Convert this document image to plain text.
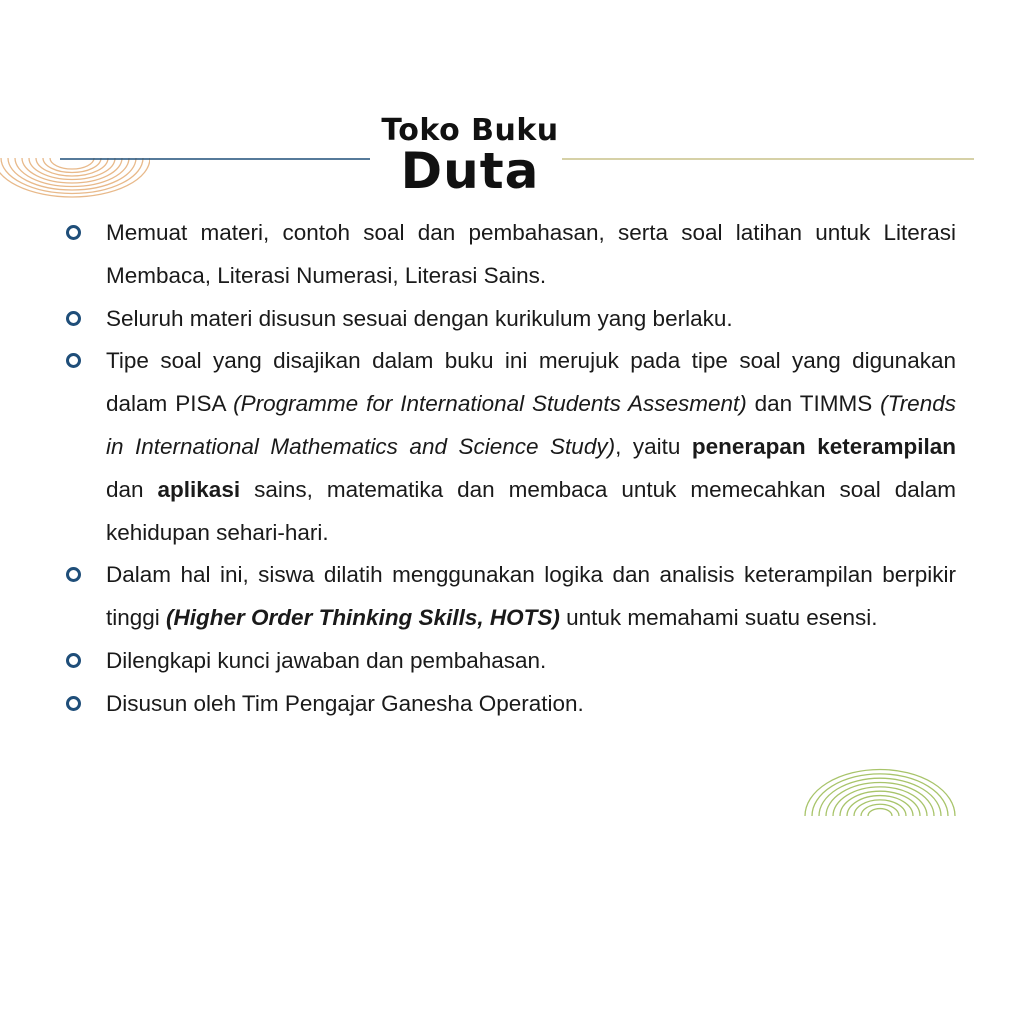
Toko Buku
Duta
Memuat materi, contoh soal dan pembahasan, serta soal latihan untuk Literasi Membaca, Literasi Numerasi, Literasi Sains.
Seluruh materi disusun sesuai dengan kurikulum yang berlaku.
Tipe soal yang disajikan dalam buku ini merujuk pada tipe soal yang digunakan dalam PISA (Programme for International Students Assesment) dan TIMMS (Trends in International Mathematics and Science Study), yaitu penerapan keterampilan dan aplikasi sains, matematika dan membaca untuk memecahkan soal dalam kehidupan sehari-hari.
Dalam hal ini, siswa dilatih menggunakan logika dan analisis keterampilan berpikir tinggi (Higher Order Thinking Skills, HOTS) untuk memahami suatu esensi.
Dilengkapi kunci jawaban dan pembahasan.
Disusun oleh Tim Pengajar Ganesha Operation.
